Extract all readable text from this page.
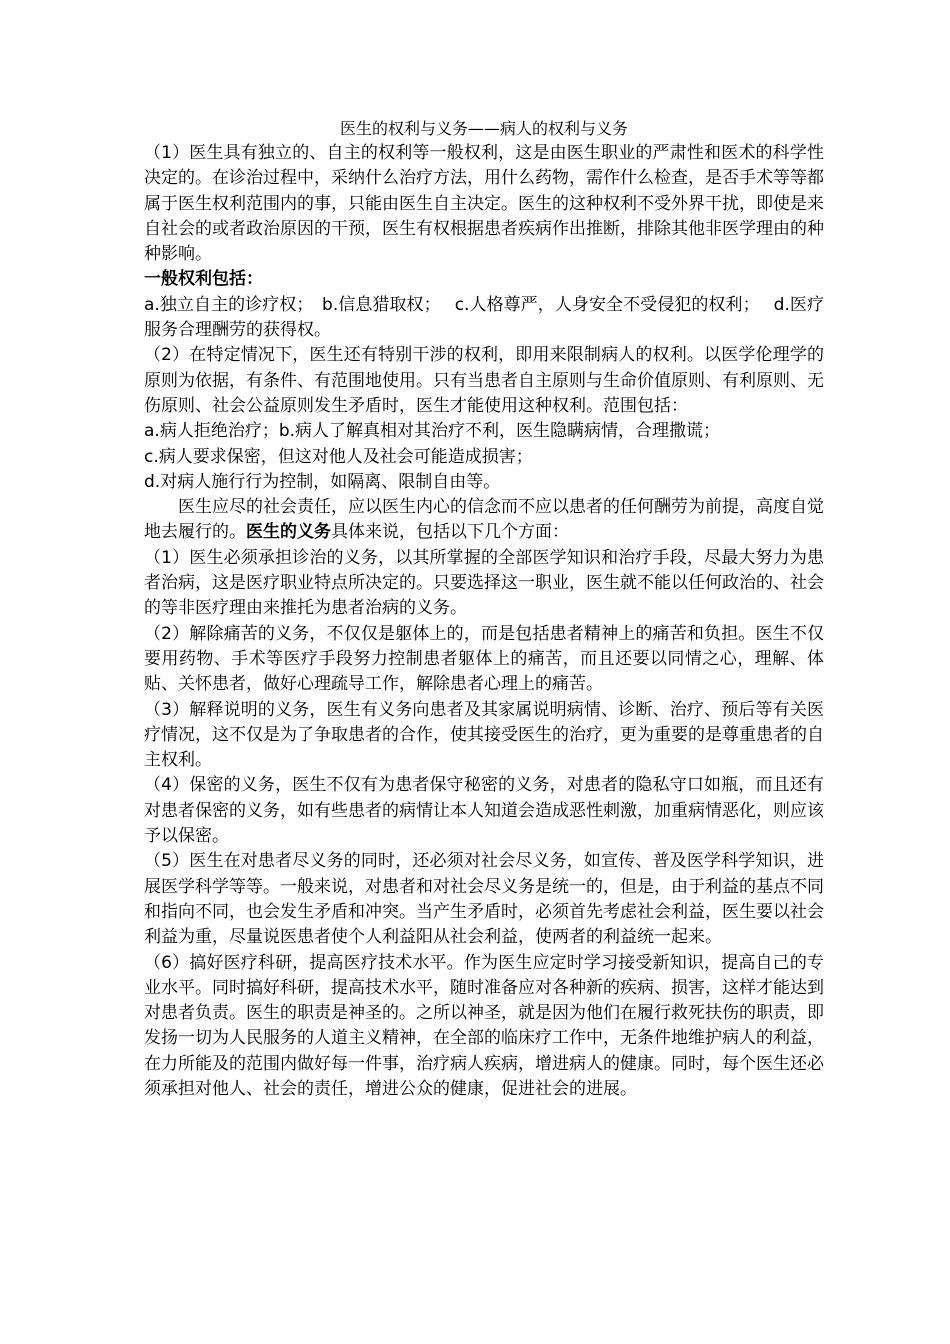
医生的权利与义务——病人的权利与义务

（1）医生具有独立的、自主的权利等一般权利，这是由医生职业的严肃性和医术的科学性决定的。在诊治过程中，采纳什么治疗方法，用什么药物，需作什么检查，是否手术等等都属于医生权利范围内的事，只能由医生自主决定。医生的这种权利不受外界干扰，即使是来自社会的或者政治原因的干预，医生有权根据患者疾病作出推断，排除其他非医学理由的种种影响。

一般权利包括：

a.独立自主的诊疗权；　b.信息猎取权；　 c.人格尊严，人身安全不受侵犯的权利；　 d.医疗服务合理酬劳的获得权。

（2）在特定情况下，医生还有特别干涉的权利，即用来限制病人的权利。以医学伦理学的原则为依据，有条件、有范围地使用。只有当患者自主原则与生命价值原则、有利原则、无伤原则、社会公益原则发生矛盾时，医生才能使用这种权利。范围包括：

a.病人拒绝治疗；b.病人了解真相对其治疗不利，医生隐瞒病情，合理撒谎；

c.病人要求保密，但这对他人及社会可能造成损害；

d.对病人施行行为控制，如隔离、限制自由等。

医生应尽的社会责任，应以医生内心的信念而不应以患者的任何酬劳为前提，高度自觉地去履行的。医生的义务具体来说，包括以下几个方面：

（1）医生必须承担诊治的义务，以其所掌握的全部医学知识和治疗手段，尽最大努力为患者治病，这是医疗职业特点所决定的。只要选择这一职业，医生就不能以任何政治的、社会的等非医疗理由来推托为患者治病的义务。

（2）解除痛苦的义务，不仅仅是躯体上的，而是包括患者精神上的痛苦和负担。医生不仅要用药物、手术等医疗手段努力控制患者躯体上的痛苦，而且还要以同情之心，理解、体贴、关怀患者，做好心理疏导工作，解除患者心理上的痛苦。

（3）解释说明的义务，医生有义务向患者及其家属说明病情、诊断、治疗、预后等有关医疗情况，这不仅是为了争取患者的合作，使其接受医生的治疗，更为重要的是尊重患者的自主权利。

（4）保密的义务，医生不仅有为患者保守秘密的义务，对患者的隐私守口如瓶，而且还有对患者保密的义务，如有些患者的病情让本人知道会造成恶性刺激，加重病情恶化，则应该予以保密。

（5）医生在对患者尽义务的同时，还必须对社会尽义务，如宣传、普及医学科学知识，进展医学科学等等。一般来说，对患者和对社会尽义务是统一的，但是，由于利益的基点不同和指向不同，也会发生矛盾和冲突。当产生矛盾时，必须首先考虑社会利益，医生要以社会利益为重，尽量说医患者使个人利益阳从社会利益，使两者的利益统一起来。

（6）搞好医疗科研，提高医疗技术水平。作为医生应定时学习接受新知识，提高自己的专业水平。同时搞好科研，提高技术水平，随时准备应对各种新的疾病、损害，这样才能达到对患者负责。医生的职责是神圣的。之所以神圣，就是因为他们在履行救死扶伤的职责，即发扬一切为人民服务的人道主义精神，在全部的临床疗工作中，无条件地维护病人的利益，在力所能及的范围内做好每一件事，治疗病人疾病，增进病人的健康。同时，每个医生还必须承担对他人、社会的责任，增进公众的健康，促进社会的进展。
